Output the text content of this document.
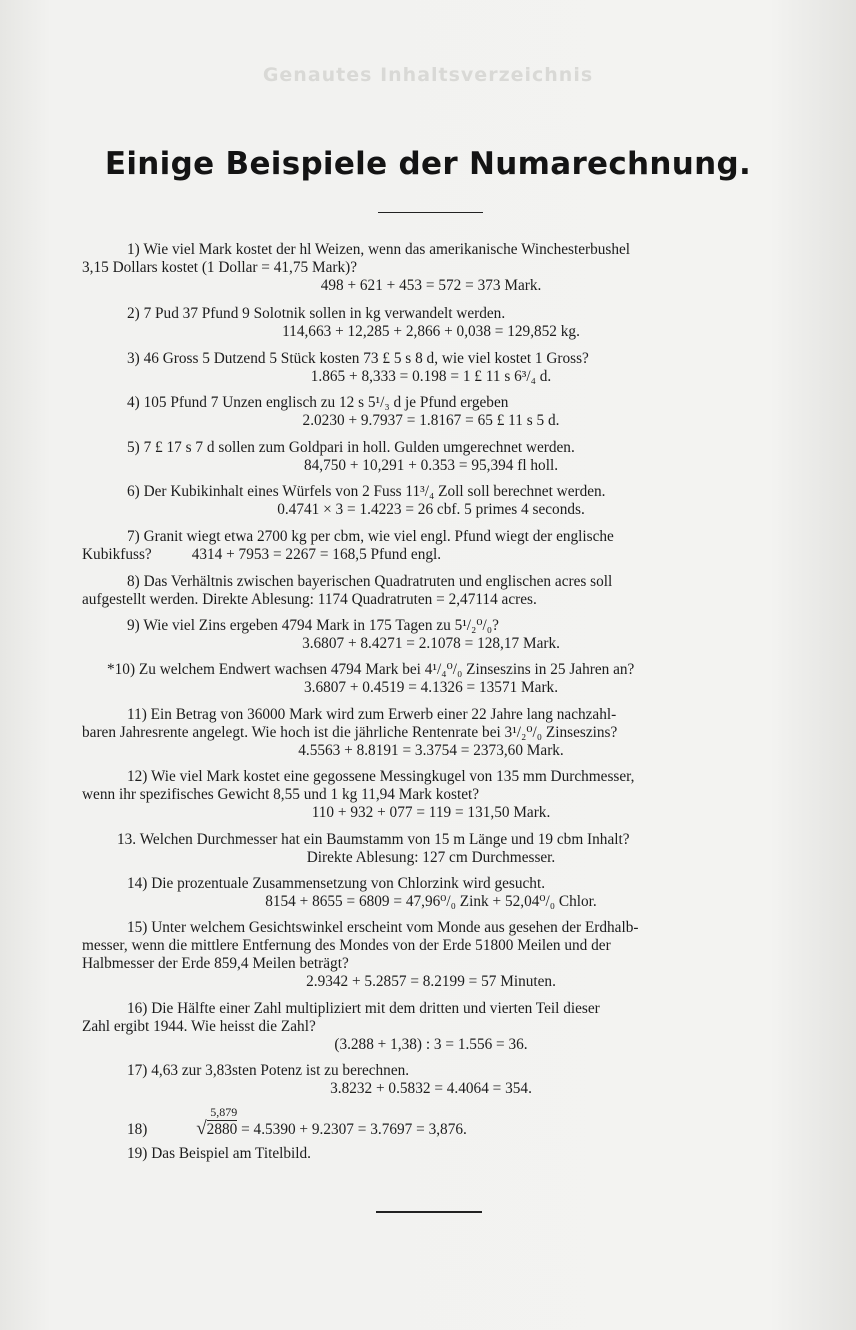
Genautes Inhaltsverzeichnis
Einige Beispiele der Numarechnung.
1) Wie viel Mark kostet der hl Weizen, wenn das amerikanische Winchesterbushel
3,15 Dollars kostet (1 Dollar = 41,75 Mark)?
498 + 621 + 453 = 572 = 373 Mark.
2) 7 Pud 37 Pfund 9 Solotnik sollen in kg verwandelt werden.
114,663 + 12,285 + 2,866 + 0,038 = 129,852 kg.
3) 46 Gross 5 Dutzend 5 Stück kosten 73 £ 5 s 8 d, wie viel kostet 1 Gross?
1.865 + 8,333 = 0.198 = 1 £ 11 s 6³/₄ d.
4) 105 Pfund 7 Unzen englisch zu 12 s 5¹/₃ d je Pfund ergeben
2.0230 + 9.7937 = 1.8167 = 65 £ 11 s 5 d.
5) 7 £ 17 s 7 d sollen zum Goldpari in holl. Gulden umgerechnet werden.
84,750 + 10,291 + 0.353 = 95,394 fl holl.
6) Der Kubikinhalt eines Würfels von 2 Fuss 11³/₄ Zoll soll berechnet werden.
0.4741 × 3 = 1.4223 = 26 cbf. 5 primes 4 seconds.
7) Granit wiegt etwa 2700 kg per cbm, wie viel engl. Pfund wiegt der englische
Kubikfuss?	4314 + 7953 = 2267 = 168,5 Pfund engl.
8) Das Verhältnis zwischen bayerischen Quadratruten und englischen acres soll
aufgestellt werden. Direkte Ablesung: 1174 Quadratruten = 2,47114 acres.
9) Wie viel Zins ergeben 4794 Mark in 175 Tagen zu 5¹/₂⁰/₀?
3.6807 + 8.4271 = 2.1078 = 128,17 Mark.
*10) Zu welchem Endwert wachsen 4794 Mark bei 4¹/₄⁰/₀ Zinseszins in 25 Jahren an?
3.6807 + 0.4519 = 4.1326 = 13571 Mark.
11) Ein Betrag von 36000 Mark wird zum Erwerb einer 22 Jahre lang nachzahl-
baren Jahresrente angelegt. Wie hoch ist die jährliche Rentenrate bei 3¹/₂⁰/₀ Zinseszins?
4.5563 + 8.8191 = 3.3754 = 2373,60 Mark.
12) Wie viel Mark kostet eine gegossene Messingkugel von 135 mm Durchmesser,
wenn ihr spezifisches Gewicht 8,55 und 1 kg 11,94 Mark kostet?
110 + 932 + 077 = 119 = 131,50 Mark.
13. Welchen Durchmesser hat ein Baumstamm von 15 m Länge und 19 cbm Inhalt?
Direkte Ablesung: 127 cm Durchmesser.
14) Die prozentuale Zusammensetzung von Chlorzink wird gesucht.
8154 + 8655 = 6809 = 47,96⁰/₀ Zink + 52,04⁰/₀ Chlor.
15) Unter welchem Gesichtswinkel erscheint vom Monde aus gesehen der Erdhalb-
messer, wenn die mittlere Entfernung des Mondes von der Erde 51800 Meilen und der
Halbmesser der Erde 859,4 Meilen beträgt?
2.9342 + 5.2857 = 8.2199 = 57 Minuten.
16) Die Hälfte einer Zahl multipliziert mit dem dritten und vierten Teil dieser
Zahl ergibt 1944. Wie heisst die Zahl?
(3.288 + 1,38) : 3 = 1.556 = 36.
17) 4,63 zur 3,83sten Potenz ist zu berechnen.
3.8232 + 0.5832 = 4.4064 = 354.
18)
5,879
√2880 = 4.5390 + 9.2307 = 3.7697 = 3,876.
19) Das Beispiel am Titelbild.
